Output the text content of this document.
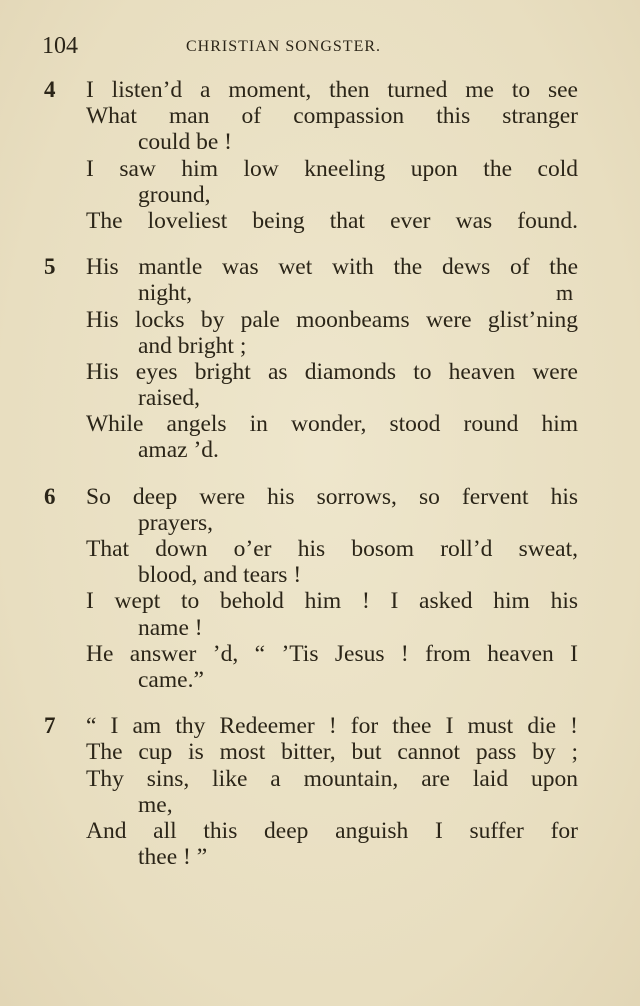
104	CHRISTIAN SONGSTER.
m
4 I listen’d a moment, then turned me to see
What man of compassion this stranger
could be !
I saw him low kneeling upon the cold
ground,
The loveliest being that ever was found.
5 His mantle was wet with the dews of the
night,
His locks by pale moonbeams were glist’ning
and bright ;
His eyes bright as diamonds to heaven were
raised,
While angels in wonder, stood round him
amaz ’d.
6 So deep were his sorrows, so fervent his
prayers,
That down o’er his bosom roll’d sweat,
blood, and tears !
I wept to behold him ! I asked him his
name !
He answer ’d, “ ’Tis Jesus ! from heaven I
came.”
7 “ I am thy Redeemer ! for thee I must die !
The cup is most bitter, but cannot pass by ;
Thy sins, like a mountain, are laid upon
me,
And all this deep anguish I suffer for
thee ! ”
